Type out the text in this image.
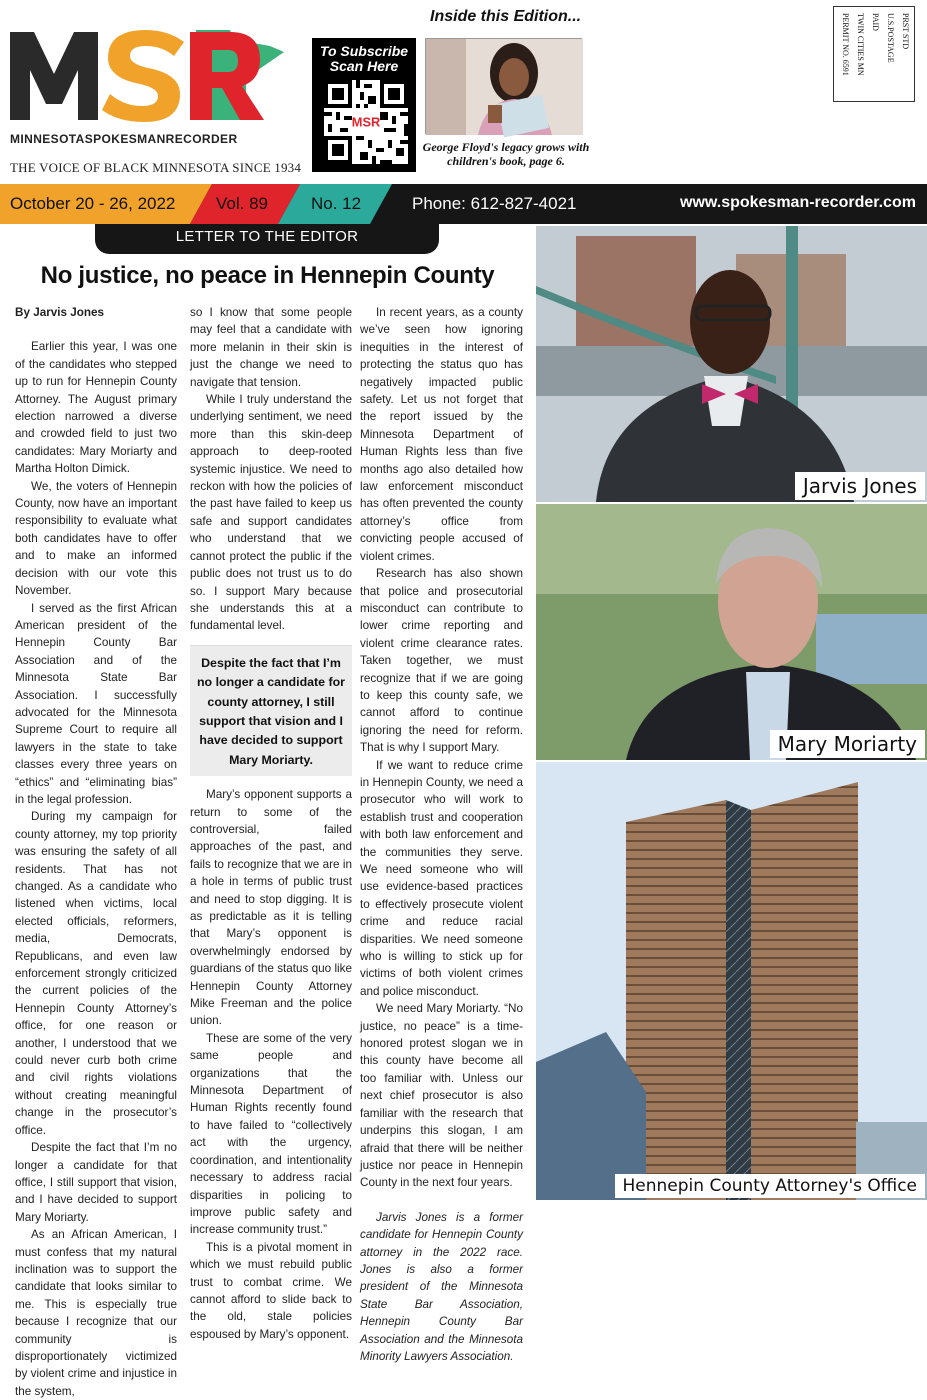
MINNESOTASPOKESMANRECORDER
THE VOICE OF BLACK MINNESOTA SINCE 1934
To Subscribe Scan Here
MSR
Inside this Edition...
George Floyd's legacy grows with children's book, page 6.
PRST STD
U.S.POSTAGE
PAID
TWIN CITIES MN
PERMIT NO. 6591
October 20 - 26, 2022 Vol. 89	No. 12	Phone: 612-827-4021	www.spokesman-recorder.com
LETTER TO THE EDITOR
No justice, no peace in Hennepin County

By Jarvis Jones

Earlier this year, I was one of the candidates who stepped up to run for Hennepin County Attorney. The August primary election narrowed a diverse and crowded field to just two candidates: Mary Moriarty and Martha Holton Dimick.

We, the voters of Hennepin County, now have an important responsibility to evaluate what both candidates have to offer and to make an informed decision with our vote this November.

I served as the first African American president of the Hennepin County Bar Association and of the Minnesota State Bar Association. I successfully advocated for the Minnesota Supreme Court to require all lawyers in the state to take classes every three years on “ethics” and “eliminating bias” in the legal profession.

During my campaign for county attorney, my top priority was ensuring the safety of all residents. That has not changed. As a candidate who listened when victims, local elected officials, reformers, media, Democrats, Republicans, and even law enforcement strongly criticized the current policies of the Hennepin County Attorney’s office, for one reason or another, I understood that we could never curb both crime and civil rights violations without creating meaningful change in the prosecutor’s office.

Despite the fact that I’m no longer a candidate for that office, I still support that vision, and I have decided to support Mary Moriarty.

As an African American, I must confess that my natural inclination was to support the candidate that looks similar to me. This is especially true because I recognize that our community is disproportionately victimized by violent crime and injustice in the system,

so I know that some people may feel that a candidate with more melanin in their skin is just the change we need to navigate that tension.

While I truly understand the underlying sentiment, we need more than this skin-deep approach to deep-rooted systemic injustice. We need to reckon with how the policies of the past have failed to keep us safe and support candidates who understand that we cannot protect the public if the public does not trust us to do so. I support Mary because she understands this at a fundamental level.

Despite the fact that I’m no longer a candidate for county attorney, I still support that vision and I have decided to support Mary Moriarty.

Mary’s opponent supports a return to some of the controversial, failed approaches of the past, and fails to recognize that we are in a hole in terms of public trust and need to stop digging. It is as predictable as it is telling that Mary’s opponent is overwhelmingly endorsed by guardians of the status quo like Hennepin County Attorney Mike Freeman and the police union.

These are some of the very same people and organizations that the Minnesota Department of Human Rights recently found to have failed to “collectively act with the urgency, coordination, and intentionality necessary to address racial disparities in policing to improve public safety and increase community trust.”

This is a pivotal moment in which we must rebuild public trust to combat crime. We cannot afford to slide back to the old, stale policies espoused by Mary’s opponent.

In recent years, as a county we’ve seen how ignoring inequities in the interest of protecting the status quo has negatively impacted public safety. Let us not forget that the report issued by the Minnesota Department of Human Rights less than five months ago also detailed how law enforcement misconduct has often prevented the county attorney’s office from convicting people accused of violent crimes.

Research has also shown that police and prosecutorial misconduct can contribute to lower crime reporting and violent crime clearance rates. Taken together, we must recognize that if we are going to keep this county safe, we cannot afford to continue ignoring the need for reform. That is why I support Mary.

If we want to reduce crime in Hennepin County, we need a prosecutor who will work to establish trust and cooperation with both law enforcement and the communities they serve. We need someone who will use evidence-based practices to effectively prosecute violent crime and reduce racial disparities. We need someone who is willing to stick up for victims of both violent crimes and police misconduct.

We need Mary Moriarty. “No justice, no peace” is a time-honored protest slogan we in this county have become all too familiar with. Unless our next chief prosecutor is also familiar with the research that underpins this slogan, I am afraid that there will be neither justice nor peace in Hennepin County in the next four years.

Jarvis Jones is a former candidate for Hennepin County attorney in the 2022 race. Jones is also a former president of the Minnesota State Bar Association, Hennepin County Bar Association and the Minnesota Minority Lawyers Association.

Jarvis Jones
Mary Moriarty
Hennepin County Attorney's Office
